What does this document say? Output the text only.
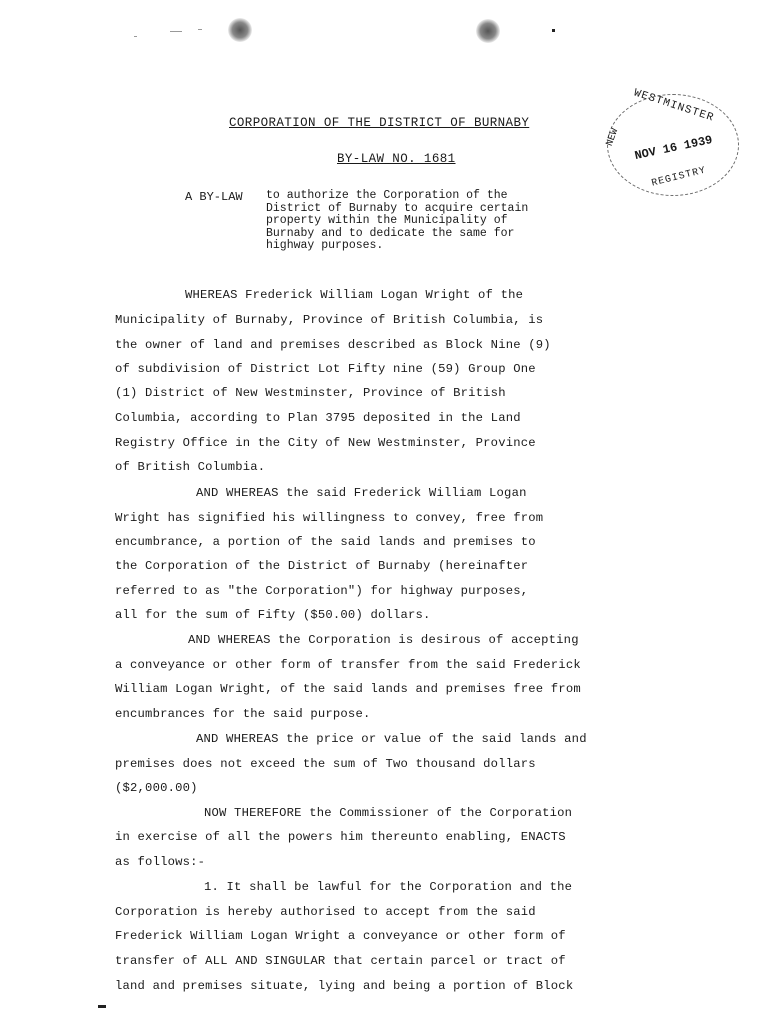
WESTMINSTER
NEW NOV 16 1939
REGISTRY
CORPORATION OF THE DISTRICT OF BURNABY
BY-LAW NO. 1681
A BY-LAW to authorize the Corporation of the
District of Burnaby to acquire certain
property within the Municipality of
Burnaby and to dedicate the same for
highway purposes.
WHEREAS Frederick William Logan Wright of the
Municipality of Burnaby, Province of British Columbia, is
the owner of land and premises described as Block Nine (9)
of subdivision of District Lot Fifty nine (59) Group One
(1) District of New Westminster, Province of British
Columbia, according to Plan 3795 deposited in the Land
Registry Office in the City of New Westminster, Province
of British Columbia.
AND WHEREAS the said Frederick William Logan
Wright has signified his willingness to convey, free from
encumbrance, a portion of the said lands and premises to
the Corporation of the District of Burnaby (hereinafter
referred to as "the Corporation") for highway purposes,
all for the sum of Fifty ($50.00) dollars.
AND WHEREAS the Corporation is desirous of accepting
a conveyance or other form of transfer from the said Frederick
William Logan Wright, of the said lands and premises free from
encumbrances for the said purpose.
AND WHEREAS the price or value of the said lands and
premises does not exceed the sum of Two thousand dollars
($2,000.00)
NOW THEREFORE the Commissioner of the Corporation
in exercise of all the powers him thereunto enabling, ENACTS
as follows:-
1. It shall be lawful for the Corporation and the
Corporation is hereby authorised to accept from the said
Frederick William Logan Wright a conveyance or other form of
transfer of ALL AND SINGULAR that certain parcel or tract of
land and premises situate, lying and being a portion of Block
